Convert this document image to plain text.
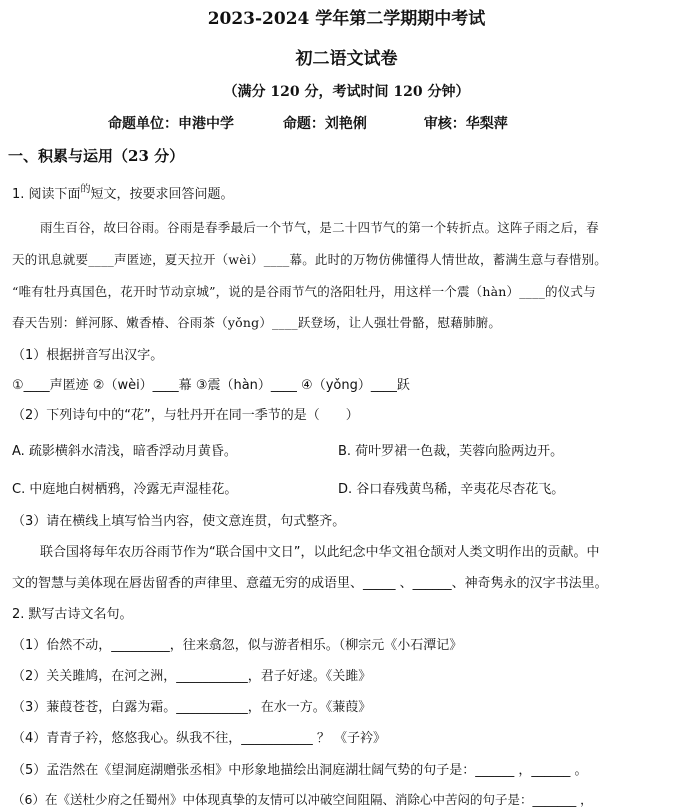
2023-2024 学年第二学期期中考试
初二语文试卷
（满分 120 分，考试时间 120 分钟）
命题单位：申港中学	命题：刘艳俐	审核：华梨萍
一、积累与运用（23 分）
1. 阅读下面$^的$短文，按要求回答问题。
雨生百谷，故曰谷雨。谷雨是春季最后一个节气，是二十四节气的第一个转折点。这阵子雨之后，春
天的讯息就要____声匿迹，夏天拉开（wèi）____幕。此时的万物仿佛懂得人情世故，蓄满生意与春惜别。
“唯有牡丹真国色，花开时节动京城”，说的是谷雨节气的洛阳牡丹，用这样一个震（hàn）____的仪式与
春天告别：鲜河豚、嫩香椿、谷雨茶（yǒng）____跃登场，让人强壮骨骼，慰藉肺腑。
（1）根据拼音写出汉字。
①____声匿迹 ②（wèi）____幕 ③震（hàn）____ ④（yǒng）____跃
（2）下列诗句中的“花”，与牡丹开在同一季节的是（　　）
A. 疏影横斜水清浅，暗香浮动月黄昏。	B. 荷叶罗裙一色裁，芙蓉向脸两边开。
C. 中庭地白树栖鸦，冷露无声湿桂花。	D. 谷口春残黄鸟稀，辛夷花尽杏花飞。
（3）请在横线上填写恰当内容，使文意连贯，句式整齐。
联合国将每年农历谷雨节作为“联合国中文日”，以此纪念中华文祖仓颉对人类文明作出的贡献。中
文的智慧与美体现在唇齿留香的声律里、意蕴无穷的成语里、_____ 、______、神奇隽永的汉字书法里。
2. 默写古诗文名句。
（1）佁然不动，_________，往来翕忽，似与游者相乐。（柳宗元《小石潭记》
（2）关关雎鸠，在河之洲，___________，君子好逑。《关雎》
（3）蒹葭苍苍，白露为霜。___________，在水一方。《蒹葭》
（4）青青子衿，悠悠我心。纵我不往，___________ ？ 《子衿》
（5）孟浩然在《望洞庭湖赠张丞相》中形象地描绘出洞庭湖壮阔气势的句子是：______ ，______ 。
（6）在《送杜少府之任蜀州》中体现真挚的友情可以冲破空间阻隔、消除心中苦闷的句子是：_______ ，
